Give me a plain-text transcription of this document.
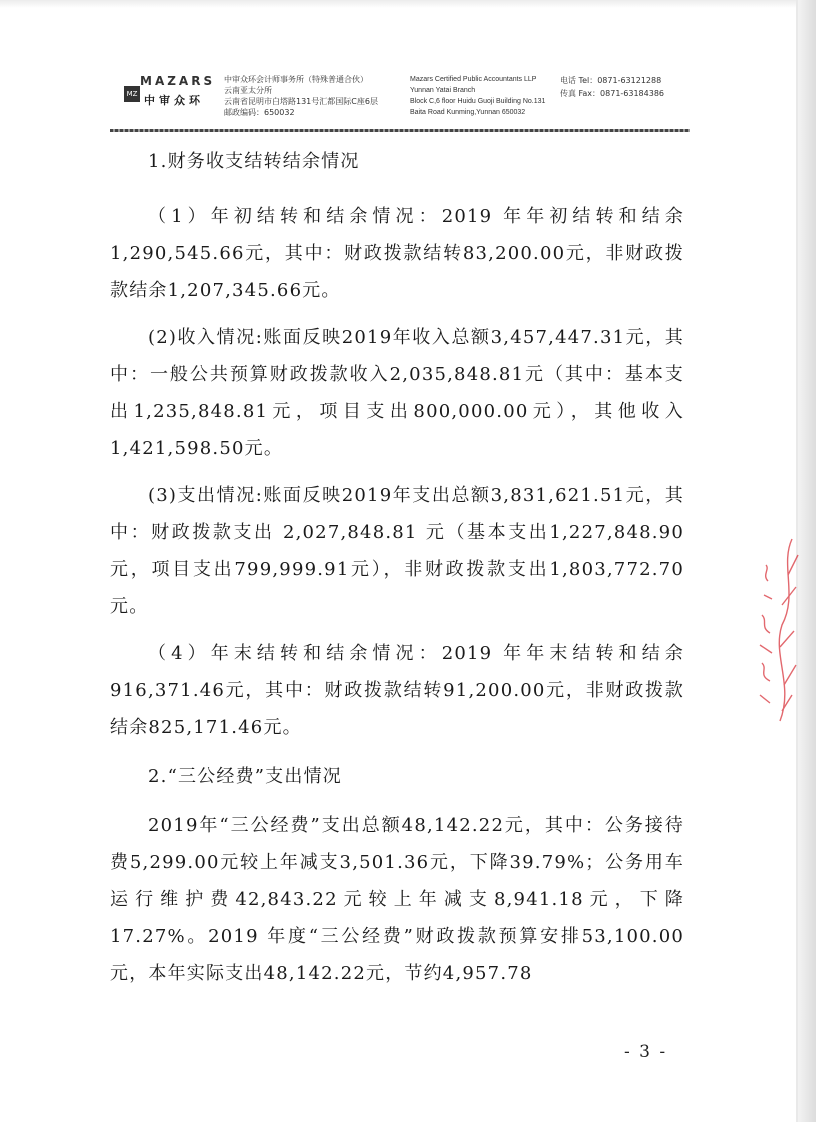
MAZARS
MZ 中审众环
中审众环会计师事务所（特殊普通合伙）
云南亚太分所
云南省昆明市白塔路131号汇都国际C座6层
邮政编码：650032
Mazars Certified Public Accountants LLP
Yunnan Yatai Branch
Block C,6 floor Huidu Guoji Building No.131
Baita Road Kunming,Yunnan 650032
电话 Tel：0871-63121288
传真 Fax：0871-63184386

1.财务收支结转结余情况

（1）年初结转和结余情况：2019 年年初结转和结余1,290,545.66元，其中：财政拨款结转83,200.00元，非财政拨款结余1,207,345.66元。

(2)收入情况:账面反映2019年收入总额3,457,447.31元，其中：一般公共预算财政拨款收入2,035,848.81元（其中：基本支出1,235,848.81元，项目支出800,000.00元），其他收入1,421,598.50元。

(3)支出情况:账面反映2019年支出总额3,831,621.51元，其中：财政拨款支出 2,027,848.81 元（基本支出1,227,848.90元，项目支出799,999.91元），非财政拨款支出1,803,772.70元。

（4）年末结转和结余情况：2019 年年末结转和结余916,371.46元，其中：财政拨款结转91,200.00元，非财政拨款结余825,171.46元。

2.“三公经费”支出情况

2019年“三公经费”支出总额48,142.22元，其中：公务接待费5,299.00元较上年减支3,501.36元，下降39.79%；公务用车运行维护费42,843.22元较上年减支8,941.18元，下降 17.27%。2019 年度“三公经费”财政拨款预算安排53,100.00元，本年实际支出48,142.22元，节约4,957.78

- 3 -
